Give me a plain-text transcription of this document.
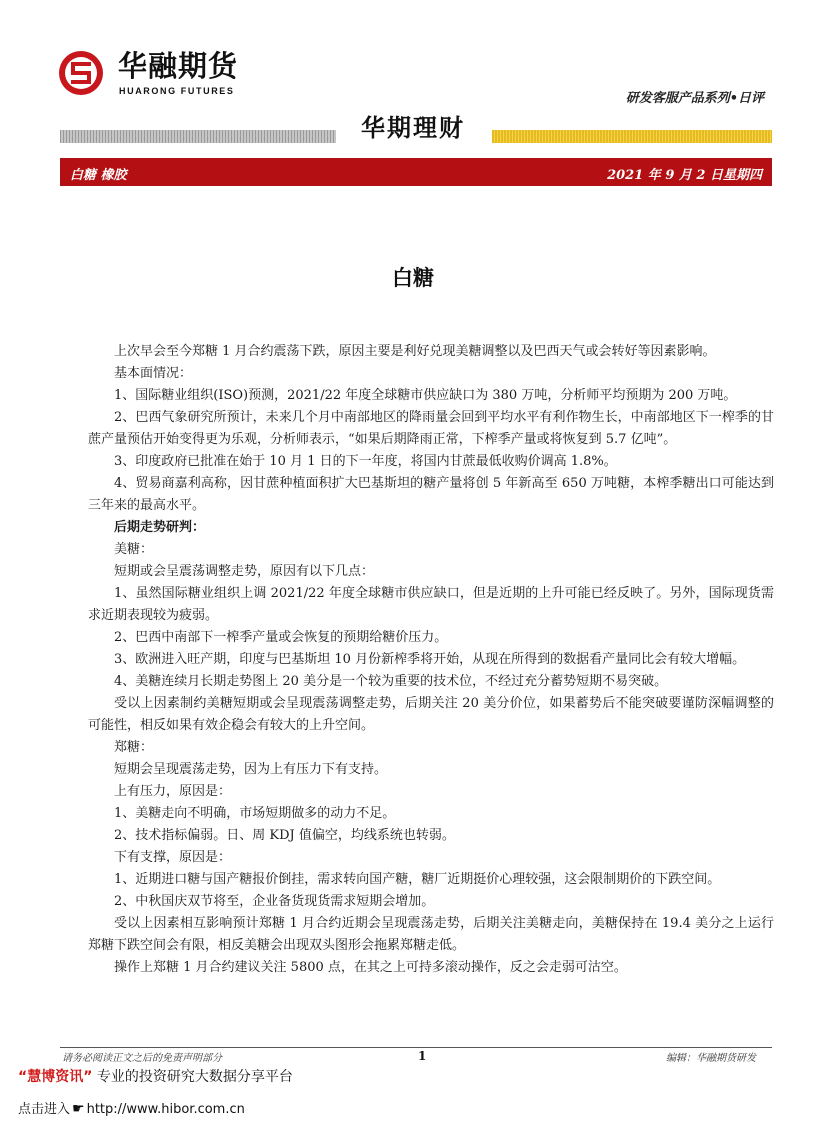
华融期货
HUARONG FUTURES	研发客服产品系列•日评
华期理财
白糖 橡胶	2021 年 9 月 2 日星期四
白糖

上次早会至今郑糖 1 月合约震荡下跌，原因主要是利好兑现美糖调整以及巴西天气或会转好等因素影响。

基本面情况：

1、国际糖业组织(ISO)预测，2021/22 年度全球糖市供应缺口为 380 万吨，分析师平均预期为 200 万吨。

2、巴西气象研究所预计，未来几个月中南部地区的降雨量会回到平均水平有利作物生长，中南部地区下一榨季的甘蔗产量预估开始变得更为乐观，分析师表示，“如果后期降雨正常，下榨季产量或将恢复到 5.7 亿吨”。

3、印度政府已批准在始于 10 月 1 日的下一年度，将国内甘蔗最低收购价调高 1.8%。

4、贸易商嘉利高称，因甘蔗种植面积扩大巴基斯坦的糖产量将创 5 年新高至 650 万吨糖，本榨季糖出口可能达到三年来的最高水平。

后期走势研判：

美糖：

短期或会呈震荡调整走势，原因有以下几点：

1、虽然国际糖业组织上调 2021/22 年度全球糖市供应缺口，但是近期的上升可能已经反映了。另外，国际现货需求近期表现较为疲弱。

2、巴西中南部下一榨季产量或会恢复的预期给糖价压力。

3、欧洲进入旺产期，印度与巴基斯坦 10 月份新榨季将开始，从现在所得到的数据看产量同比会有较大增幅。

4、美糖连续月长期走势图上 20 美分是一个较为重要的技术位，不经过充分蓄势短期不易突破。

受以上因素制约美糖短期或会呈现震荡调整走势，后期关注 20 美分价位，如果蓄势后不能突破要谨防深幅调整的可能性，相反如果有效企稳会有较大的上升空间。

郑糖：

短期会呈现震荡走势，因为上有压力下有支持。

上有压力，原因是：

1、美糖走向不明确，市场短期做多的动力不足。

2、技术指标偏弱。日、周 KDJ 值偏空，均线系统也转弱。

下有支撑，原因是：

1、近期进口糖与国产糖报价倒挂，需求转向国产糖，糖厂近期挺价心理较强，这会限制期价的下跌空间。

2、中秋国庆双节将至，企业备货现货需求短期会增加。

受以上因素相互影响预计郑糖 1 月合约近期会呈现震荡走势，后期关注美糖走向，美糖保持在 19.4 美分之上运行郑糖下跌空间会有限，相反美糖会出现双头图形会拖累郑糖走低。

操作上郑糖 1 月合约建议关注 5800 点，在其之上可持多滚动操作，反之会走弱可沽空。

请务必阅读正文之后的免责声明部分	1	编辑：华融期货研发
“慧博资讯” 专业的投资研究大数据分享平台
点击进入 ☛ http://www.hibor.com.cn
